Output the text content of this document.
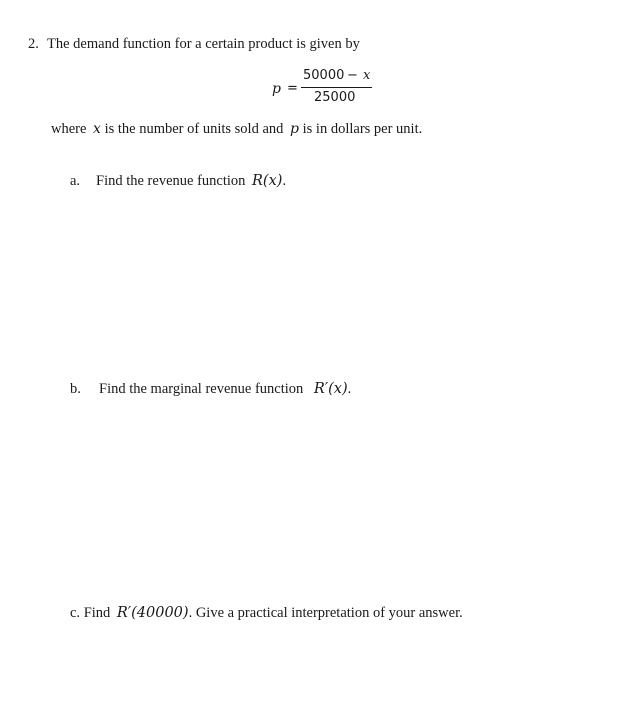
2. The demand function for a certain product is given by
p =
50000 − x
25000
where x is the number of units sold and p is in dollars per unit.
a. Find the revenue function R(x).
b. Find the marginal revenue function R′(x).
c. Find R′(40000). Give a practical interpretation of your answer.
